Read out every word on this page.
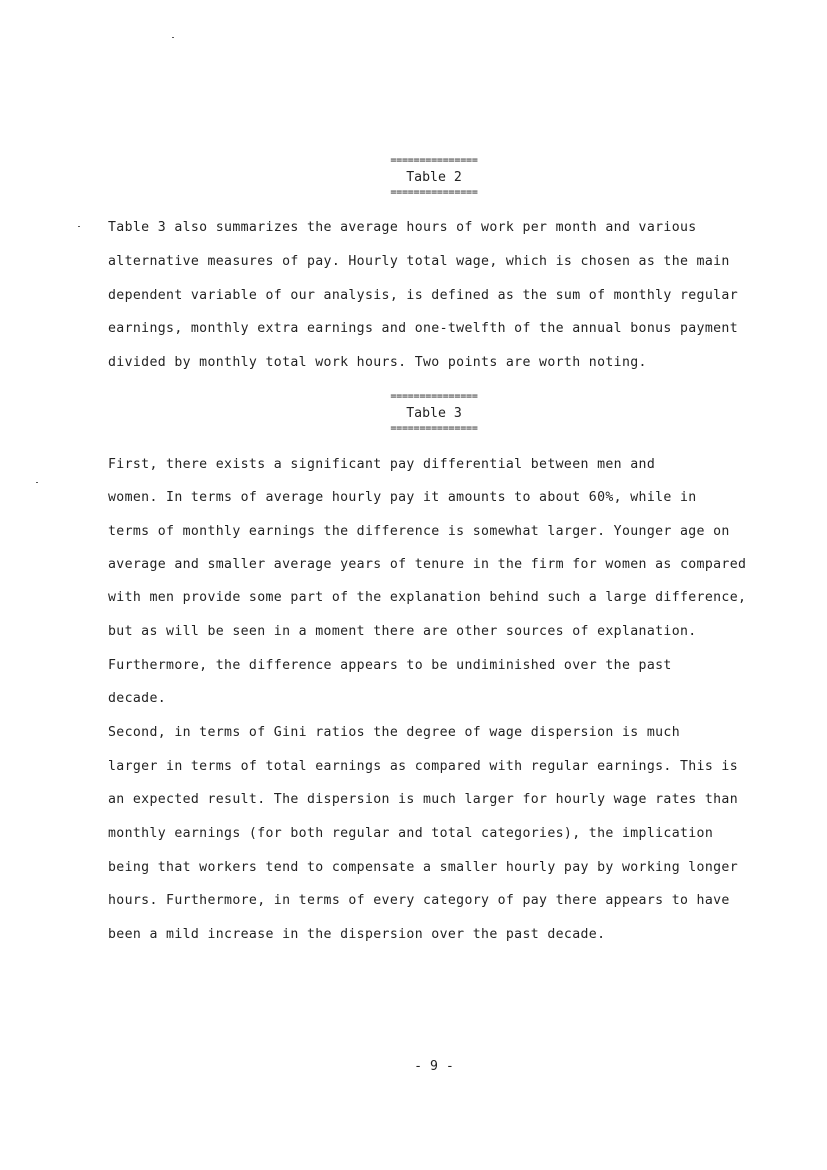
===============
Table 2
===============
Table 3 also summarizes the average hours of work per month and various
alternative measures of pay. Hourly total wage, which is chosen as the main
dependent variable of our analysis, is defined as the sum of monthly regular
earnings, monthly extra earnings and one-twelfth of the annual bonus payment
divided by monthly total work hours. Two points are worth noting.
===============
Table 3
===============
First, there exists a significant pay differential between men and
women. In terms of average hourly pay it amounts to about 60%, while in
terms of monthly earnings the difference is somewhat larger. Younger age on
average and smaller average years of tenure in the firm for women as compared
with men provide some part of the explanation behind such a large difference,
but as will be seen in a moment there are other sources of explanation.
Furthermore, the difference appears to be undiminished over the past
decade.
Second, in terms of Gini ratios the degree of wage dispersion is much
larger in terms of total earnings as compared with regular earnings. This is
an expected result. The dispersion is much larger for hourly wage rates than
monthly earnings (for both regular and total categories), the implication
being that workers tend to compensate a smaller hourly pay by working longer
hours. Furthermore, in terms of every category of pay there appears to have
been a mild increase in the dispersion over the past decade.
- 9 -
